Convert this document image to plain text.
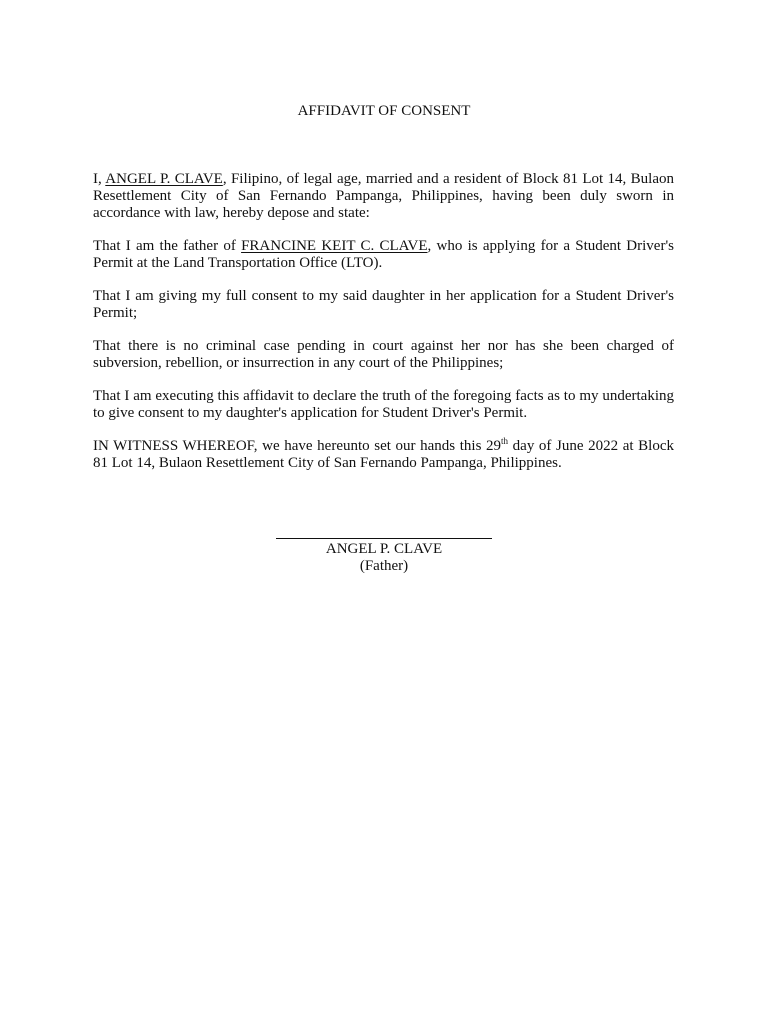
AFFIDAVIT OF CONSENT

I, ANGEL P. CLAVE, Filipino, of legal age, married and a resident of Block 81 Lot 14, Bulaon Resettlement City of San Fernando Pampanga, Philippines, having been duly sworn in accordance with law, hereby depose and state:

That I am the father of FRANCINE KEIT C. CLAVE, who is applying for a Student Driver's Permit at the Land Transportation Office (LTO).

That I am giving my full consent to my said daughter in her application for a Student Driver's Permit;

That there is no criminal case pending in court against her nor has she been charged of subversion, rebellion, or insurrection in any court of the Philippines;

That I am executing this affidavit to declare the truth of the foregoing facts as to my undertaking to give consent to my daughter's application for Student Driver's Permit.

IN WITNESS WHEREOF, we have hereunto set our hands this 29th day of June 2022 at Block 81 Lot 14, Bulaon Resettlement City of San Fernando Pampanga, Philippines.

ANGEL P. CLAVE
(Father)
